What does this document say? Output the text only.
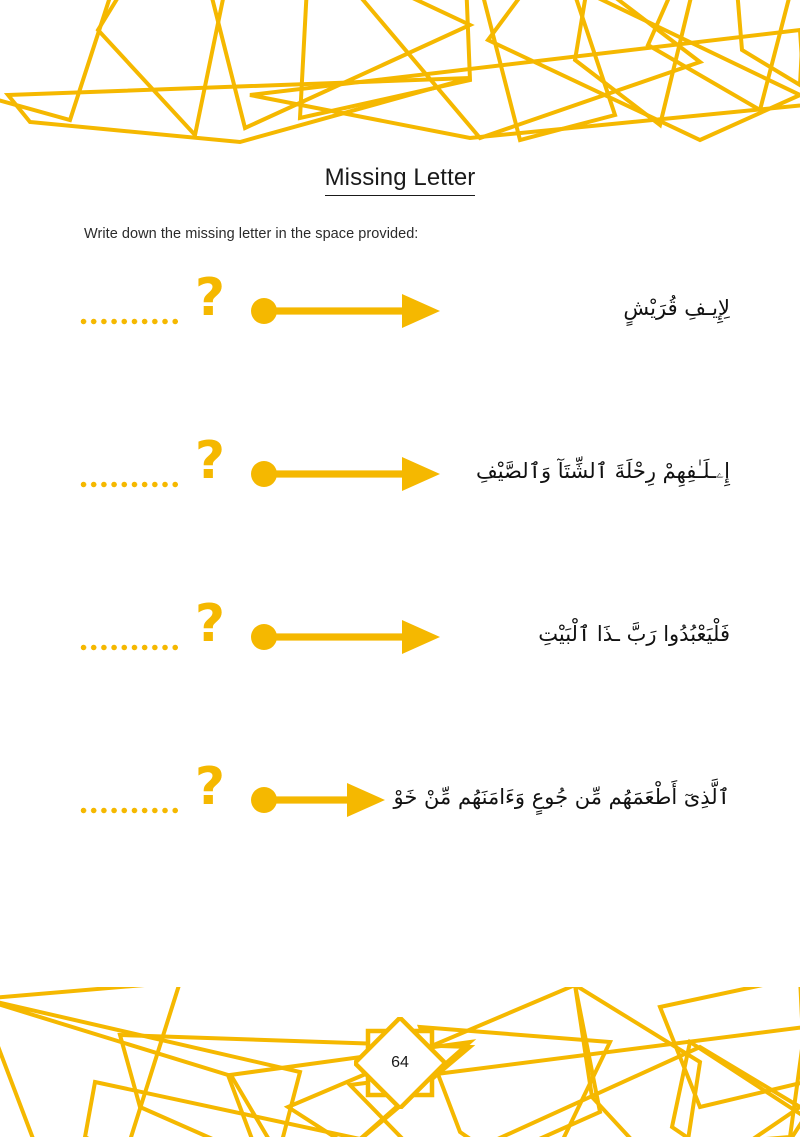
Missing Letter
Write down the missing letter in the space provided:
?	لِإِي‍ـ‍فِ قُرَيْشٍ
?	إِۦـلَـٰفِهِمْ رِحْلَةَ ٱلشِّتَآ وَٱلصَّيْفِ
?	فَلْيَعْبُدُوا رَبَّ ـذَا ٱلْبَيْتِ
?	ٱلَّذِىٓ أَطْعَمَهُم مِّن جُوعٍ وَءَامَنَهُم مِّنْ خَوْ
64
